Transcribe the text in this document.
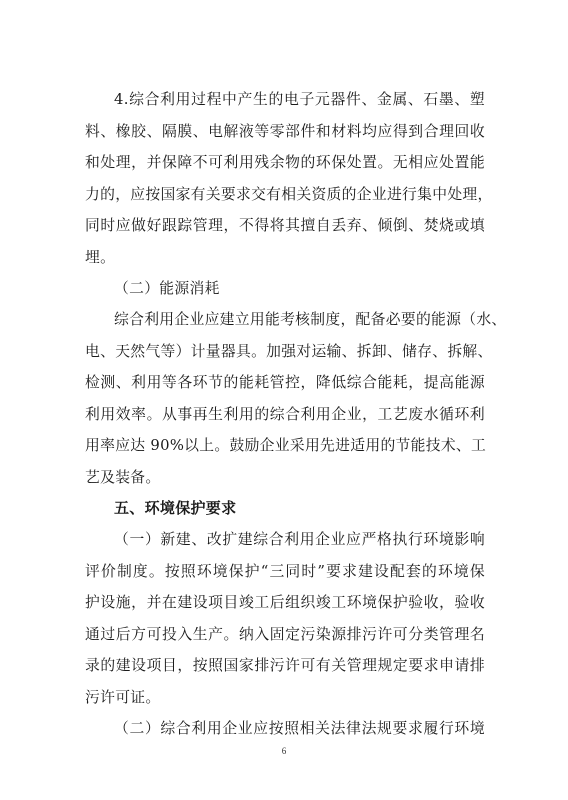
4.综合利用过程中产生的电子元器件、金属、石墨、塑
料、橡胶、隔膜、电解液等零部件和材料均应得到合理回收
和处理，并保障不可利用残余物的环保处置。无相应处置能
力的，应按国家有关要求交有相关资质的企业进行集中处理，
同时应做好跟踪管理，不得将其擅自丢弃、倾倒、焚烧或填
埋。
（二）能源消耗
综合利用企业应建立用能考核制度，配备必要的能源（水、
电、天然气等）计量器具。加强对运输、拆卸、储存、拆解、
检测、利用等各环节的能耗管控，降低综合能耗，提高能源
利用效率。从事再生利用的综合利用企业，工艺废水循环利
用率应达 90%以上。鼓励企业采用先进适用的节能技术、工
艺及装备。
五、环境保护要求
（一）新建、改扩建综合利用企业应严格执行环境影响
评价制度。按照环境保护“三同时”要求建设配套的环境保
护设施，并在建设项目竣工后组织竣工环境保护验收，验收
通过后方可投入生产。纳入固定污染源排污许可分类管理名
录的建设项目，按照国家排污许可有关管理规定要求申请排
污许可证。
（二）综合利用企业应按照相关法律法规要求履行环境
6
